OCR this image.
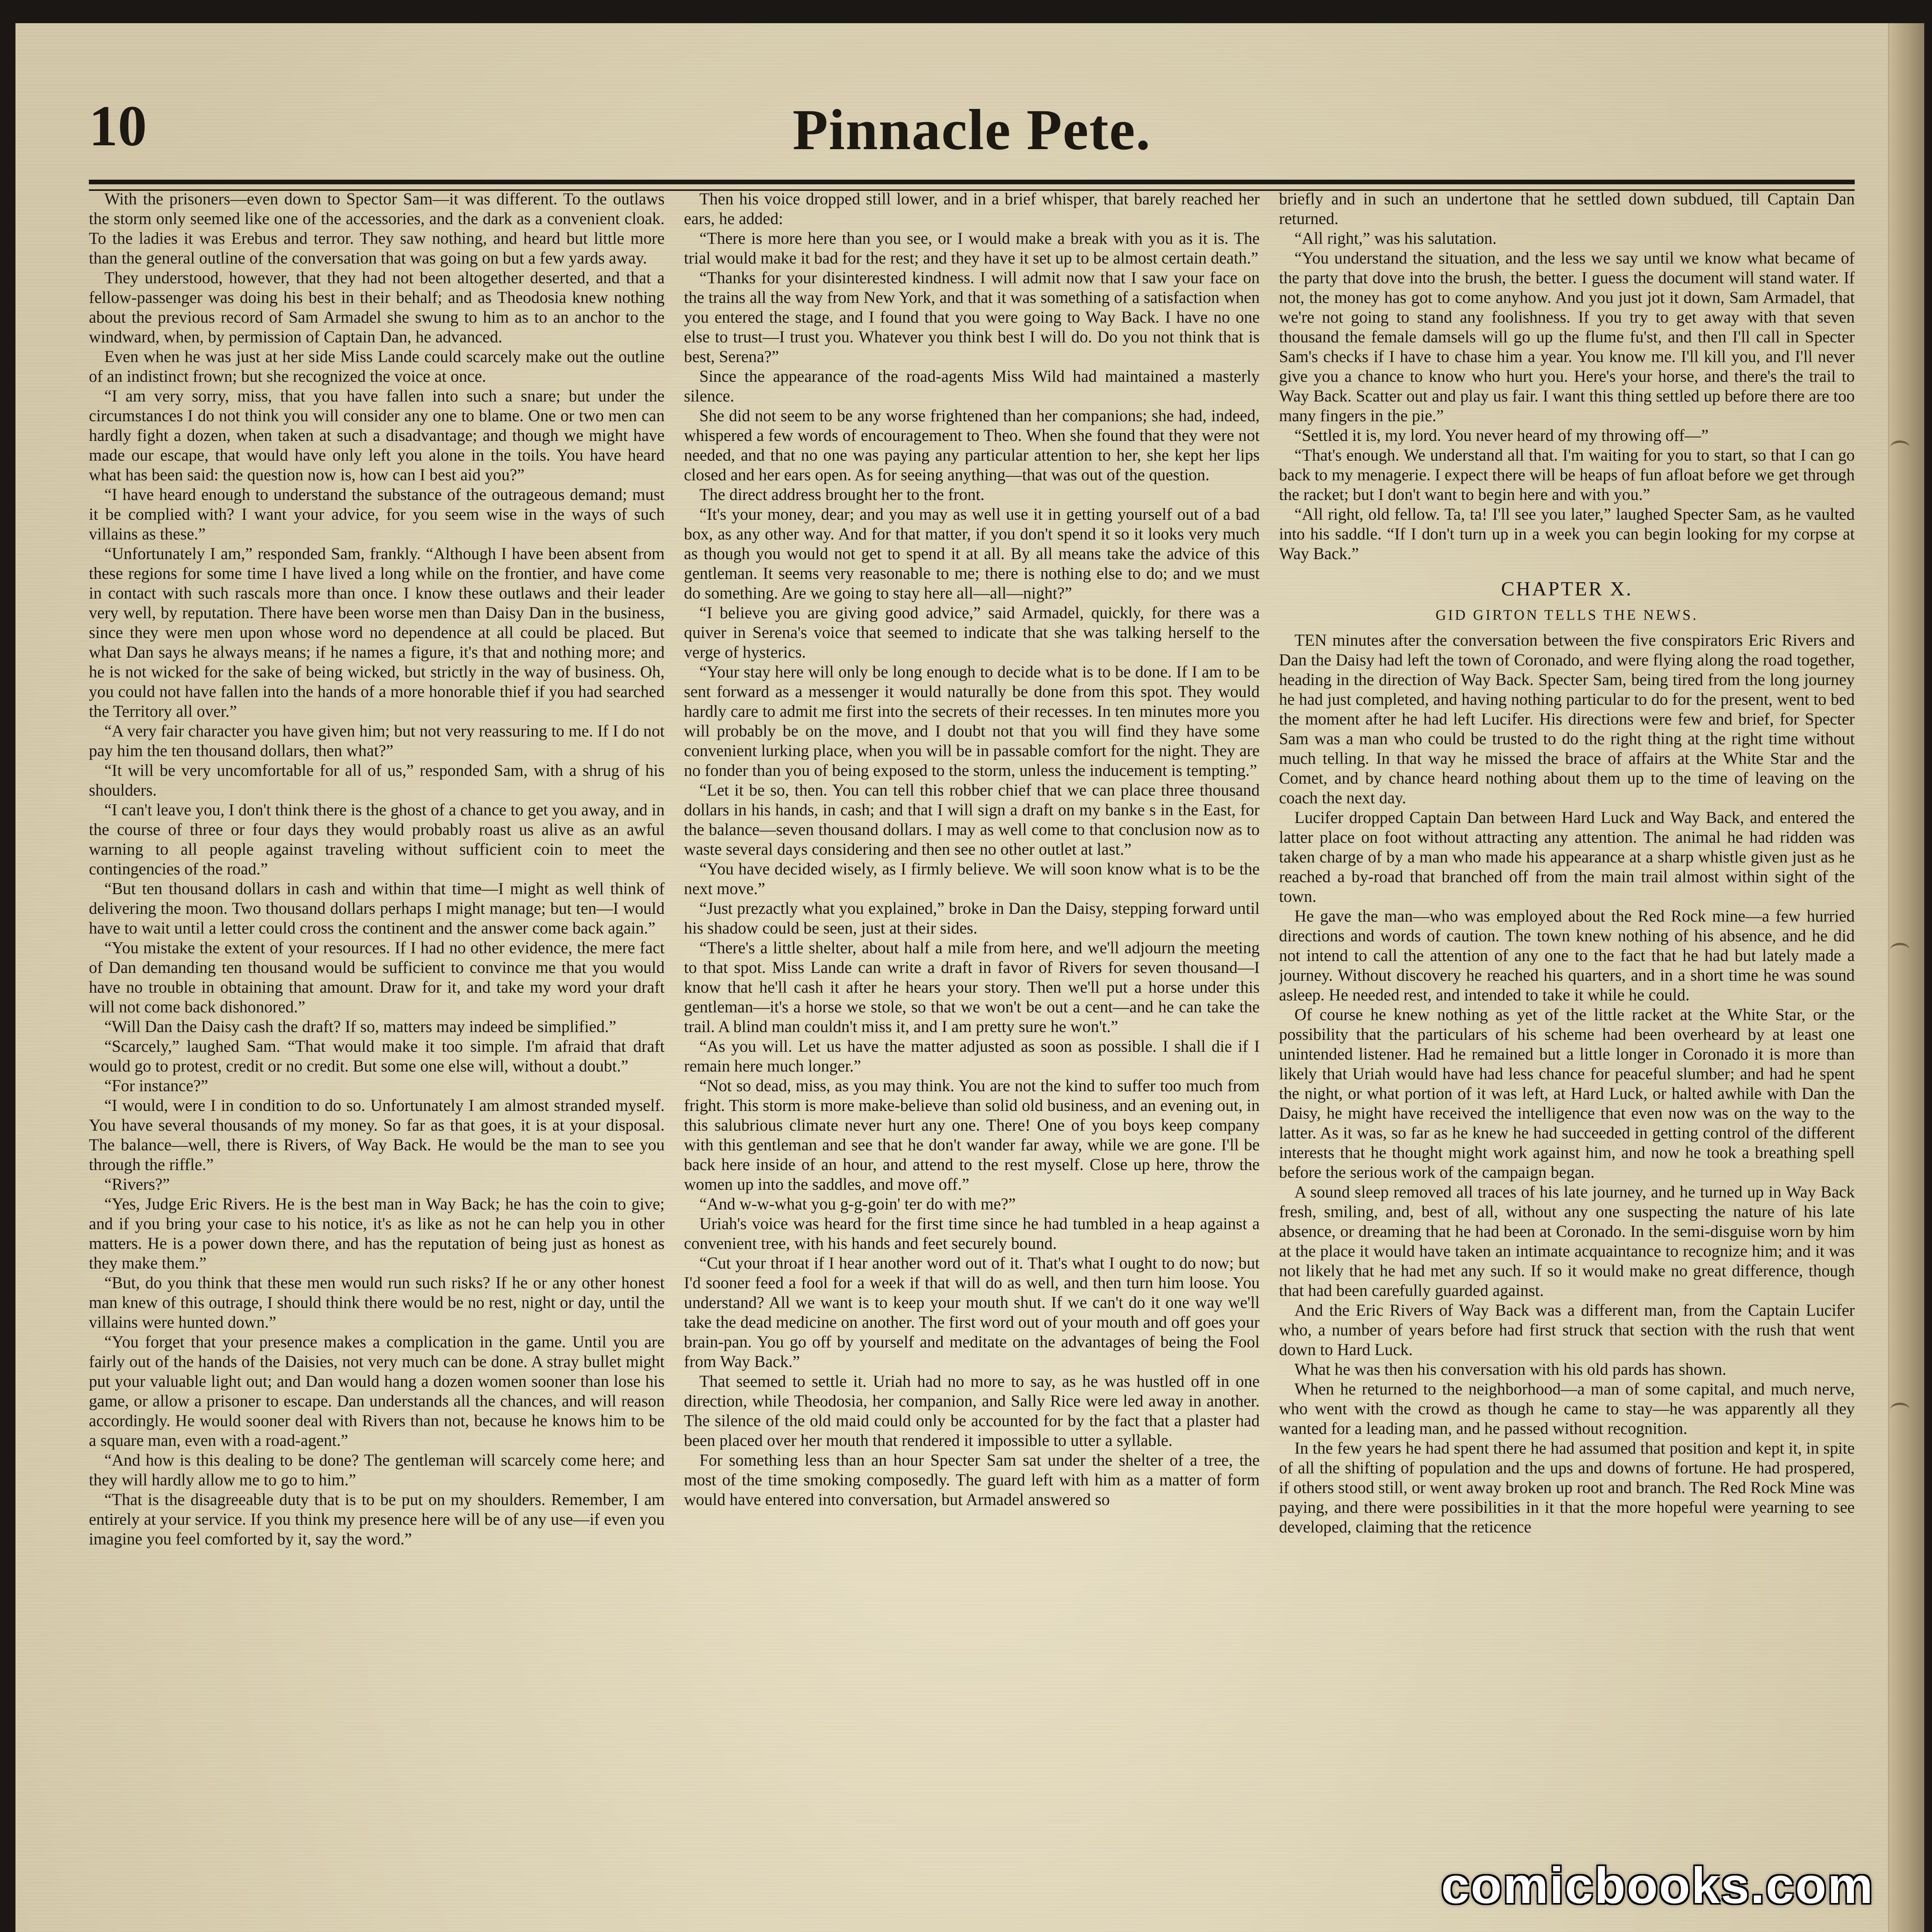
10	Pinnacle Pete.

With the prisoners—even down to Spector Sam—it was different. To the outlaws the storm only seemed like one of the accessories, and the dark as a convenient cloak. To the ladies it was Erebus and terror. They saw nothing, and heard but little more than the general outline of the conversation that was going on but a few yards away.

They understood, however, that they had not been altogether deserted, and that a fellow-passenger was doing his best in their behalf; and as Theodosia knew nothing about the previous record of Sam Armadel she swung to him as to an anchor to the windward, when, by permission of Captain Dan, he advanced.

Even when he was just at her side Miss Lande could scarcely make out the outline of an indistinct frown; but she recognized the voice at once.

“I am very sorry, miss, that you have fallen into such a snare; but under the circumstances I do not think you will consider any one to blame. One or two men can hardly fight a dozen, when taken at such a disadvantage; and though we might have made our escape, that would have only left you alone in the toils. You have heard what has been said: the question now is, how can I best aid you?”

“I have heard enough to understand the substance of the outrageous demand; must it be complied with? I want your advice, for you seem wise in the ways of such villains as these.”

“Unfortunately I am,” responded Sam, frankly. “Although I have been absent from these regions for some time I have lived a long while on the frontier, and have come in contact with such rascals more than once. I know these outlaws and their leader very well, by reputation. There have been worse men than Daisy Dan in the business, since they were men upon whose word no dependence at all could be placed. But what Dan says he always means; if he names a figure, it's that and nothing more; and he is not wicked for the sake of being wicked, but strictly in the way of business. Oh, you could not have fallen into the hands of a more honorable thief if you had searched the Territory all over.”

“A very fair character you have given him; but not very reassuring to me. If I do not pay him the ten thousand dollars, then what?”

“It will be very uncomfortable for all of us,” responded Sam, with a shrug of his shoulders.

“I can't leave you, I don't think there is the ghost of a chance to get you away, and in the course of three or four days they would probably roast us alive as an awful warning to all people against traveling without sufficient coin to meet the contingencies of the road.”

“But ten thousand dollars in cash and within that time—I might as well think of delivering the moon. Two thousand dollars perhaps I might manage; but ten—I would have to wait until a letter could cross the continent and the answer come back again.”

“You mistake the extent of your resources. If I had no other evidence, the mere fact of Dan demanding ten thousand would be sufficient to convince me that you would have no trouble in obtaining that amount. Draw for it, and take my word your draft will not come back dishonored.”

“Will Dan the Daisy cash the draft? If so, matters may indeed be simplified.”

“Scarcely,” laughed Sam. “That would make it too simple. I'm afraid that draft would go to protest, credit or no credit. But some one else will, without a doubt.”

“For instance?”

“I would, were I in condition to do so. Unfortunately I am almost stranded myself. You have several thousands of my money. So far as that goes, it is at your disposal. The balance—well, there is Rivers, of Way Back. He would be the man to see you through the riffle.”

“Rivers?”

“Yes, Judge Eric Rivers. He is the best man in Way Back; he has the coin to give; and if you bring your case to his notice, it's as like as not he can help you in other matters. He is a power down there, and has the reputation of being just as honest as they make them.”

“But, do you think that these men would run such risks? If he or any other honest man knew of this outrage, I should think there would be no rest, night or day, until the villains were hunted down.”

“You forget that your presence makes a complication in the game. Until you are fairly out of the hands of the Daisies, not very much can be done. A stray bullet might put your valuable light out; and Dan would hang a dozen women sooner than lose his game, or allow a prisoner to escape. Dan understands all the chances, and will reason accordingly. He would sooner deal with Rivers than not, because he knows him to be a square man, even with a road-agent.”

“And how is this dealing to be done? The gentleman will scarcely come here; and they will hardly allow me to go to him.”

“That is the disagreeable duty that is to be put on my shoulders. Remember, I am entirely at your service. If you think my presence here will be of any use—if even you imagine you feel comforted by it, say the word.”

Then his voice dropped still lower, and in a brief whisper, that barely reached her ears, he added:

“There is more here than you see, or I would make a break with you as it is. The trial would make it bad for the rest; and they have it set up to be almost certain death.”

“Thanks for your disinterested kindness. I will admit now that I saw your face on the trains all the way from New York, and that it was something of a satisfaction when you entered the stage, and I found that you were going to Way Back. I have no one else to trust—I trust you. Whatever you think best I will do. Do you not think that is best, Serena?”

Since the appearance of the road-agents Miss Wild had maintained a masterly silence.

She did not seem to be any worse frightened than her companions; she had, indeed, whispered a few words of encouragement to Theo. When she found that they were not needed, and that no one was paying any particular attention to her, she kept her lips closed and her ears open. As for seeing anything—that was out of the question.

The direct address brought her to the front.

“It's your money, dear; and you may as well use it in getting yourself out of a bad box, as any other way. And for that matter, if you don't spend it so it looks very much as though you would not get to spend it at all. By all means take the advice of this gentleman. It seems very reasonable to me; there is nothing else to do; and we must do something. Are we going to stay here all—all—night?”

“I believe you are giving good advice,” said Armadel, quickly, for there was a quiver in Serena's voice that seemed to indicate that she was talking herself to the verge of hysterics.

“Your stay here will only be long enough to decide what is to be done. If I am to be sent forward as a messenger it would naturally be done from this spot. They would hardly care to admit me first into the secrets of their recesses. In ten minutes more you will probably be on the move, and I doubt not that you will find they have some convenient lurking place, when you will be in passable comfort for the night. They are no fonder than you of being exposed to the storm, unless the inducement is tempting.”

“Let it be so, then. You can tell this robber chief that we can place three thousand dollars in his hands, in cash; and that I will sign a draft on my banke s in the East, for the balance—seven thousand dollars. I may as well come to that conclusion now as to waste several days considering and then see no other outlet at last.”

“You have decided wisely, as I firmly believe. We will soon know what is to be the next move.”

“Just prezactly what you explained,” broke in Dan the Daisy, stepping forward until his shadow could be seen, just at their sides.

“There's a little shelter, about half a mile from here, and we'll adjourn the meeting to that spot. Miss Lande can write a draft in favor of Rivers for seven thousand—I know that he'll cash it after he hears your story. Then we'll put a horse under this gentleman—it's a horse we stole, so that we won't be out a cent—and he can take the trail. A blind man couldn't miss it, and I am pretty sure he won't.”

“As you will. Let us have the matter adjusted as soon as possible. I shall die if I remain here much longer.”

“Not so dead, miss, as you may think. You are not the kind to suffer too much from fright. This storm is more make-believe than solid old business, and an evening out, in this salubrious climate never hurt any one. There! One of you boys keep company with this gentleman and see that he don't wander far away, while we are gone. I'll be back here inside of an hour, and attend to the rest myself. Close up here, throw the women up into the saddles, and move off.”

“And w-w-what you g-g-goin' ter do with me?”

Uriah's voice was heard for the first time since he had tumbled in a heap against a convenient tree, with his hands and feet securely bound.

“Cut your throat if I hear another word out of it. That's what I ought to do now; but I'd sooner feed a fool for a week if that will do as well, and then turn him loose. You understand? All we want is to keep your mouth shut. If we can't do it one way we'll take the dead medicine on another. The first word out of your mouth and off goes your brain-pan. You go off by yourself and meditate on the advantages of being the Fool from Way Back.”

That seemed to settle it. Uriah had no more to say, as he was hustled off in one direction, while Theodosia, her companion, and Sally Rice were led away in another. The silence of the old maid could only be accounted for by the fact that a plaster had been placed over her mouth that rendered it impossible to utter a syllable.

For something less than an hour Specter Sam sat under the shelter of a tree, the most of the time smoking composedly. The guard left with him as a matter of form would have entered into conversation, but Armadel answered so

briefly and in such an undertone that he settled down subdued, till Captain Dan returned.

“All right,” was his salutation.

“You understand the situation, and the less we say until we know what became of the party that dove into the brush, the better. I guess the document will stand water. If not, the money has got to come anyhow. And you just jot it down, Sam Armadel, that we're not going to stand any foolishness. If you try to get away with that seven thousand the female damsels will go up the flume fu'st, and then I'll call in Specter Sam's checks if I have to chase him a year. You know me. I'll kill you, and I'll never give you a chance to know who hurt you. Here's your horse, and there's the trail to Way Back. Scatter out and play us fair. I want this thing settled up before there are too many fingers in the pie.”

“Settled it is, my lord. You never heard of my throwing off—”

“That's enough. We understand all that. I'm waiting for you to start, so that I can go back to my menagerie. I expect there will be heaps of fun afloat before we get through the racket; but I don't want to begin here and with you.”

“All right, old fellow. Ta, ta! I'll see you later,” laughed Specter Sam, as he vaulted into his saddle. “If I don't turn up in a week you can begin looking for my corpse at Way Back.”

CHAPTER X.
GID GIRTON TELLS THE NEWS.

TEN minutes after the conversation between the five conspirators Eric Rivers and Dan the Daisy had left the town of Coronado, and were flying along the road together, heading in the direction of Way Back. Specter Sam, being tired from the long journey he had just completed, and having nothing particular to do for the present, went to bed the moment after he had left Lucifer. His directions were few and brief, for Specter Sam was a man who could be trusted to do the right thing at the right time without much telling. In that way he missed the brace of affairs at the White Star and the Comet, and by chance heard nothing about them up to the time of leaving on the coach the next day.

Lucifer dropped Captain Dan between Hard Luck and Way Back, and entered the latter place on foot without attracting any attention. The animal he had ridden was taken charge of by a man who made his appearance at a sharp whistle given just as he reached a by-road that branched off from the main trail almost within sight of the town.

He gave the man—who was employed about the Red Rock mine—a few hurried directions and words of caution. The town knew nothing of his absence, and he did not intend to call the attention of any one to the fact that he had but lately made a journey. Without discovery he reached his quarters, and in a short time he was sound asleep. He needed rest, and intended to take it while he could.

Of course he knew nothing as yet of the little racket at the White Star, or the possibility that the particulars of his scheme had been overheard by at least one unintended listener. Had he remained but a little longer in Coronado it is more than likely that Uriah would have had less chance for peaceful slumber; and had he spent the night, or what portion of it was left, at Hard Luck, or halted awhile with Dan the Daisy, he might have received the intelligence that even now was on the way to the latter. As it was, so far as he knew he had succeeded in getting control of the different interests that he thought might work against him, and now he took a breathing spell before the serious work of the campaign began.

A sound sleep removed all traces of his late journey, and he turned up in Way Back fresh, smiling, and, best of all, without any one suspecting the nature of his late absence, or dreaming that he had been at Coronado. In the semi-disguise worn by him at the place it would have taken an intimate acquaintance to recognize him; and it was not likely that he had met any such. If so it would make no great difference, though that had been carefully guarded against.

And the Eric Rivers of Way Back was a different man, from the Captain Lucifer who, a number of years before had first struck that section with the rush that went down to Hard Luck.

What he was then his conversation with his old pards has shown.

When he returned to the neighborhood—a man of some capital, and much nerve, who went with the crowd as though he came to stay—he was apparently all they wanted for a leading man, and he passed without recognition.

In the few years he had spent there he had assumed that position and kept it, in spite of all the shifting of population and the ups and downs of fortune. He had prospered, if others stood still, or went away broken up root and branch. The Red Rock Mine was paying, and there were possibilities in it that the more hopeful were yearning to see developed, claiming that the reticence

comicbooks.com
